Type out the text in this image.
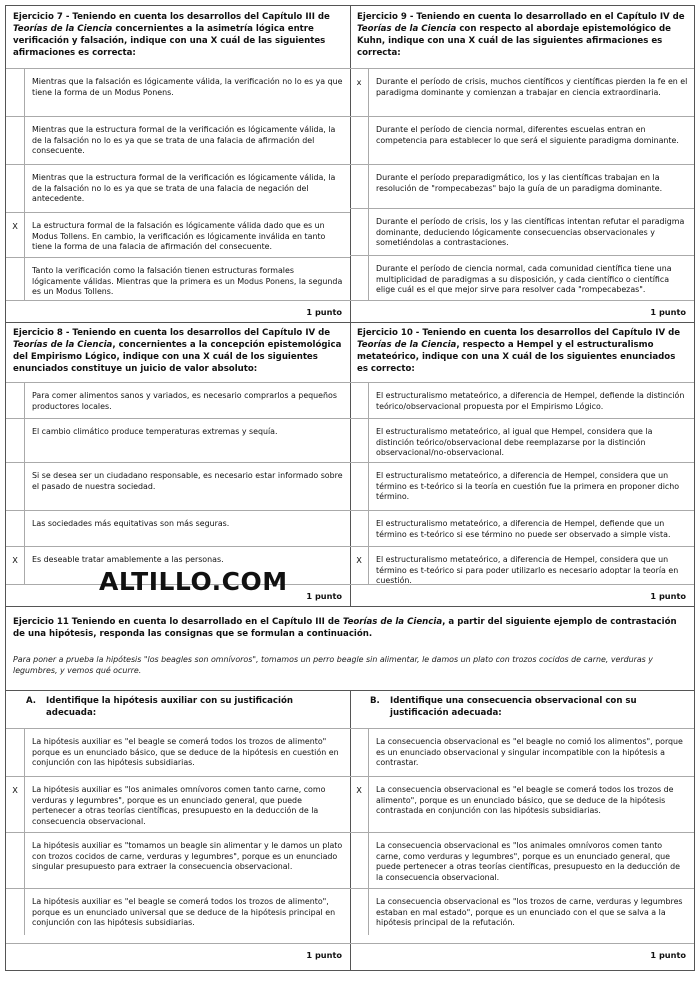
Ejercicio 7 - Teniendo en cuenta los desarrollos del Capítulo III de Teorías de la Ciencia concernientes a la asimetría lógica entre verificación y falsación, indique con una X cuál de las siguientes afirmaciones es correcta:
Mientras que la falsación es lógicamente válida, la verificación no lo es ya que tiene la forma de un Modus Ponens.
Mientras que la estructura formal de la verificación es lógicamente válida, la de la falsación no lo es ya que se trata de una falacia de afirmación del consecuente.
Mientras que la estructura formal de la verificación es lógicamente válida, la de la falsación no lo es ya que se trata de una falacia de negación del antecedente.
X	La estructura formal de la falsación es lógicamente válida dado que es un Modus Tollens. En cambio, la verificación es lógicamente inválida en tanto tiene la forma de una falacia de afirmación del consecuente.
Tanto la verificación como la falsación tienen estructuras formales lógicamente válidas. Mientras que la primera es un Modus Ponens, la segunda es un Modus Tollens.
1 punto
Ejercicio 9 - Teniendo en cuenta lo desarrollado en el Capítulo IV de Teorías de la Ciencia con respecto al abordaje epistemológico de Kuhn, indique con una X cuál de las siguientes afirmaciones es correcta:
x	Durante el período de crisis, muchos científicos y científicas pierden la fe en el paradigma dominante y comienzan a trabajar en ciencia extraordinaria.
Durante el período de ciencia normal, diferentes escuelas entran en competencia para establecer lo que será el siguiente paradigma dominante.
Durante el período preparadigmático, los y las científicas trabajan en la resolución de "rompecabezas" bajo la guía de un paradigma dominante.
Durante el período de crisis, los y las científicas intentan refutar el paradigma dominante, deduciendo lógicamente consecuencias observacionales y sometiéndolas a contrastaciones.
Durante el período de ciencia normal, cada comunidad científica tiene una multiplicidad de paradigmas a su disposición, y cada científico o científica elige cuál es el que mejor sirve para resolver cada "rompecabezas".
1 punto
Ejercicio 8 - Teniendo en cuenta los desarrollos del Capítulo IV de Teorías de la Ciencia, concernientes a la concepción epistemológica del Empirismo Lógico, indique con una X cuál de los siguientes enunciados constituye un juicio de valor absoluto:
Para comer alimentos sanos y variados, es necesario comprarlos a pequeños productores locales.
El cambio climático produce temperaturas extremas y sequía.
Si se desea ser un ciudadano responsable, es necesario estar informado sobre el pasado de nuestra sociedad.
Las sociedades más equitativas son más seguras.
X	Es deseable tratar amablemente a las personas.
1 punto
ALTILLO.COM
Ejercicio 10 - Teniendo en cuenta los desarrollos del Capítulo IV de Teorías de la Ciencia, respecto a Hempel y el estructuralismo metateórico, indique con una X cuál de los siguientes enunciados es correcto:
El estructuralismo metateórico, a diferencia de Hempel, defiende la distinción teórico/observacional propuesta por el Empirismo Lógico.
El estructuralismo metateórico, al igual que Hempel, considera que la distinción teórico/observacional debe reemplazarse por la distinción observacional/no-observacional.
El estructuralismo metateórico, a diferencia de Hempel, considera que un término es t-teórico si la teoría en cuestión fue la primera en proponer dicho término.
El estructuralismo metateórico, a diferencia de Hempel, defiende que un término es t-teórico si ese término no puede ser observado a simple vista.
X	El estructuralismo metateórico, a diferencia de Hempel, considera que un término es t-teórico si para poder utilizarlo es necesario adoptar la teoría en cuestión.
1 punto
Ejercicio 11 Teniendo en cuenta lo desarrollado en el Capítulo III de Teorías de la Ciencia, a partir del siguiente ejemplo de contrastación de una hipótesis, responda las consignas que se formulan a continuación.
Para poner a prueba la hipótesis "los beagles son omnívoros", tomamos un perro beagle sin alimentar, le damos un plato con trozos cocidos de carne, verduras y legumbres, y vemos qué ocurre.
A.	Identifique la hipótesis auxiliar con su justificación adecuada:
La hipótesis auxiliar es "el beagle se comerá todos los trozos de alimento" porque es un enunciado básico, que se deduce de la hipótesis en cuestión en conjunción con las hipótesis subsidiarias.
X	La hipótesis auxiliar es "los animales omnívoros comen tanto carne, como verduras y legumbres", porque es un enunciado general, que puede pertenecer a otras teorías científicas, presupuesto en la deducción de la consecuencia observacional.
La hipótesis auxiliar es "tomamos un beagle sin alimentar y le damos un plato con trozos cocidos de carne, verduras y legumbres", porque es un enunciado singular presupuesto para extraer la consecuencia observacional.
La hipótesis auxiliar es "el beagle se comerá todos los trozos de alimento", porque es un enunciado universal que se deduce de la hipótesis principal en conjunción con las hipótesis subsidiarias.
1 punto
B.	Identifique una consecuencia observacional con su justificación adecuada:
La consecuencia observacional es "el beagle no comió los alimentos", porque es un enunciado observacional y singular incompatible con la hipótesis a contrastar.
X	La consecuencia observacional es "el beagle se comerá todos los trozos de alimento", porque es un enunciado básico, que se deduce de la hipótesis contrastada en conjunción con las hipótesis subsidiarias.
La consecuencia observacional es "los animales omnívoros comen tanto carne, como verduras y legumbres", porque es un enunciado general, que puede pertenecer a otras teorías científicas, presupuesto en la deducción de la consecuencia observacional.
La consecuencia observacional es "los trozos de carne, verduras y legumbres estaban en mal estado", porque es un enunciado con el que se salva a la hipótesis principal de la refutación.
1 punto
